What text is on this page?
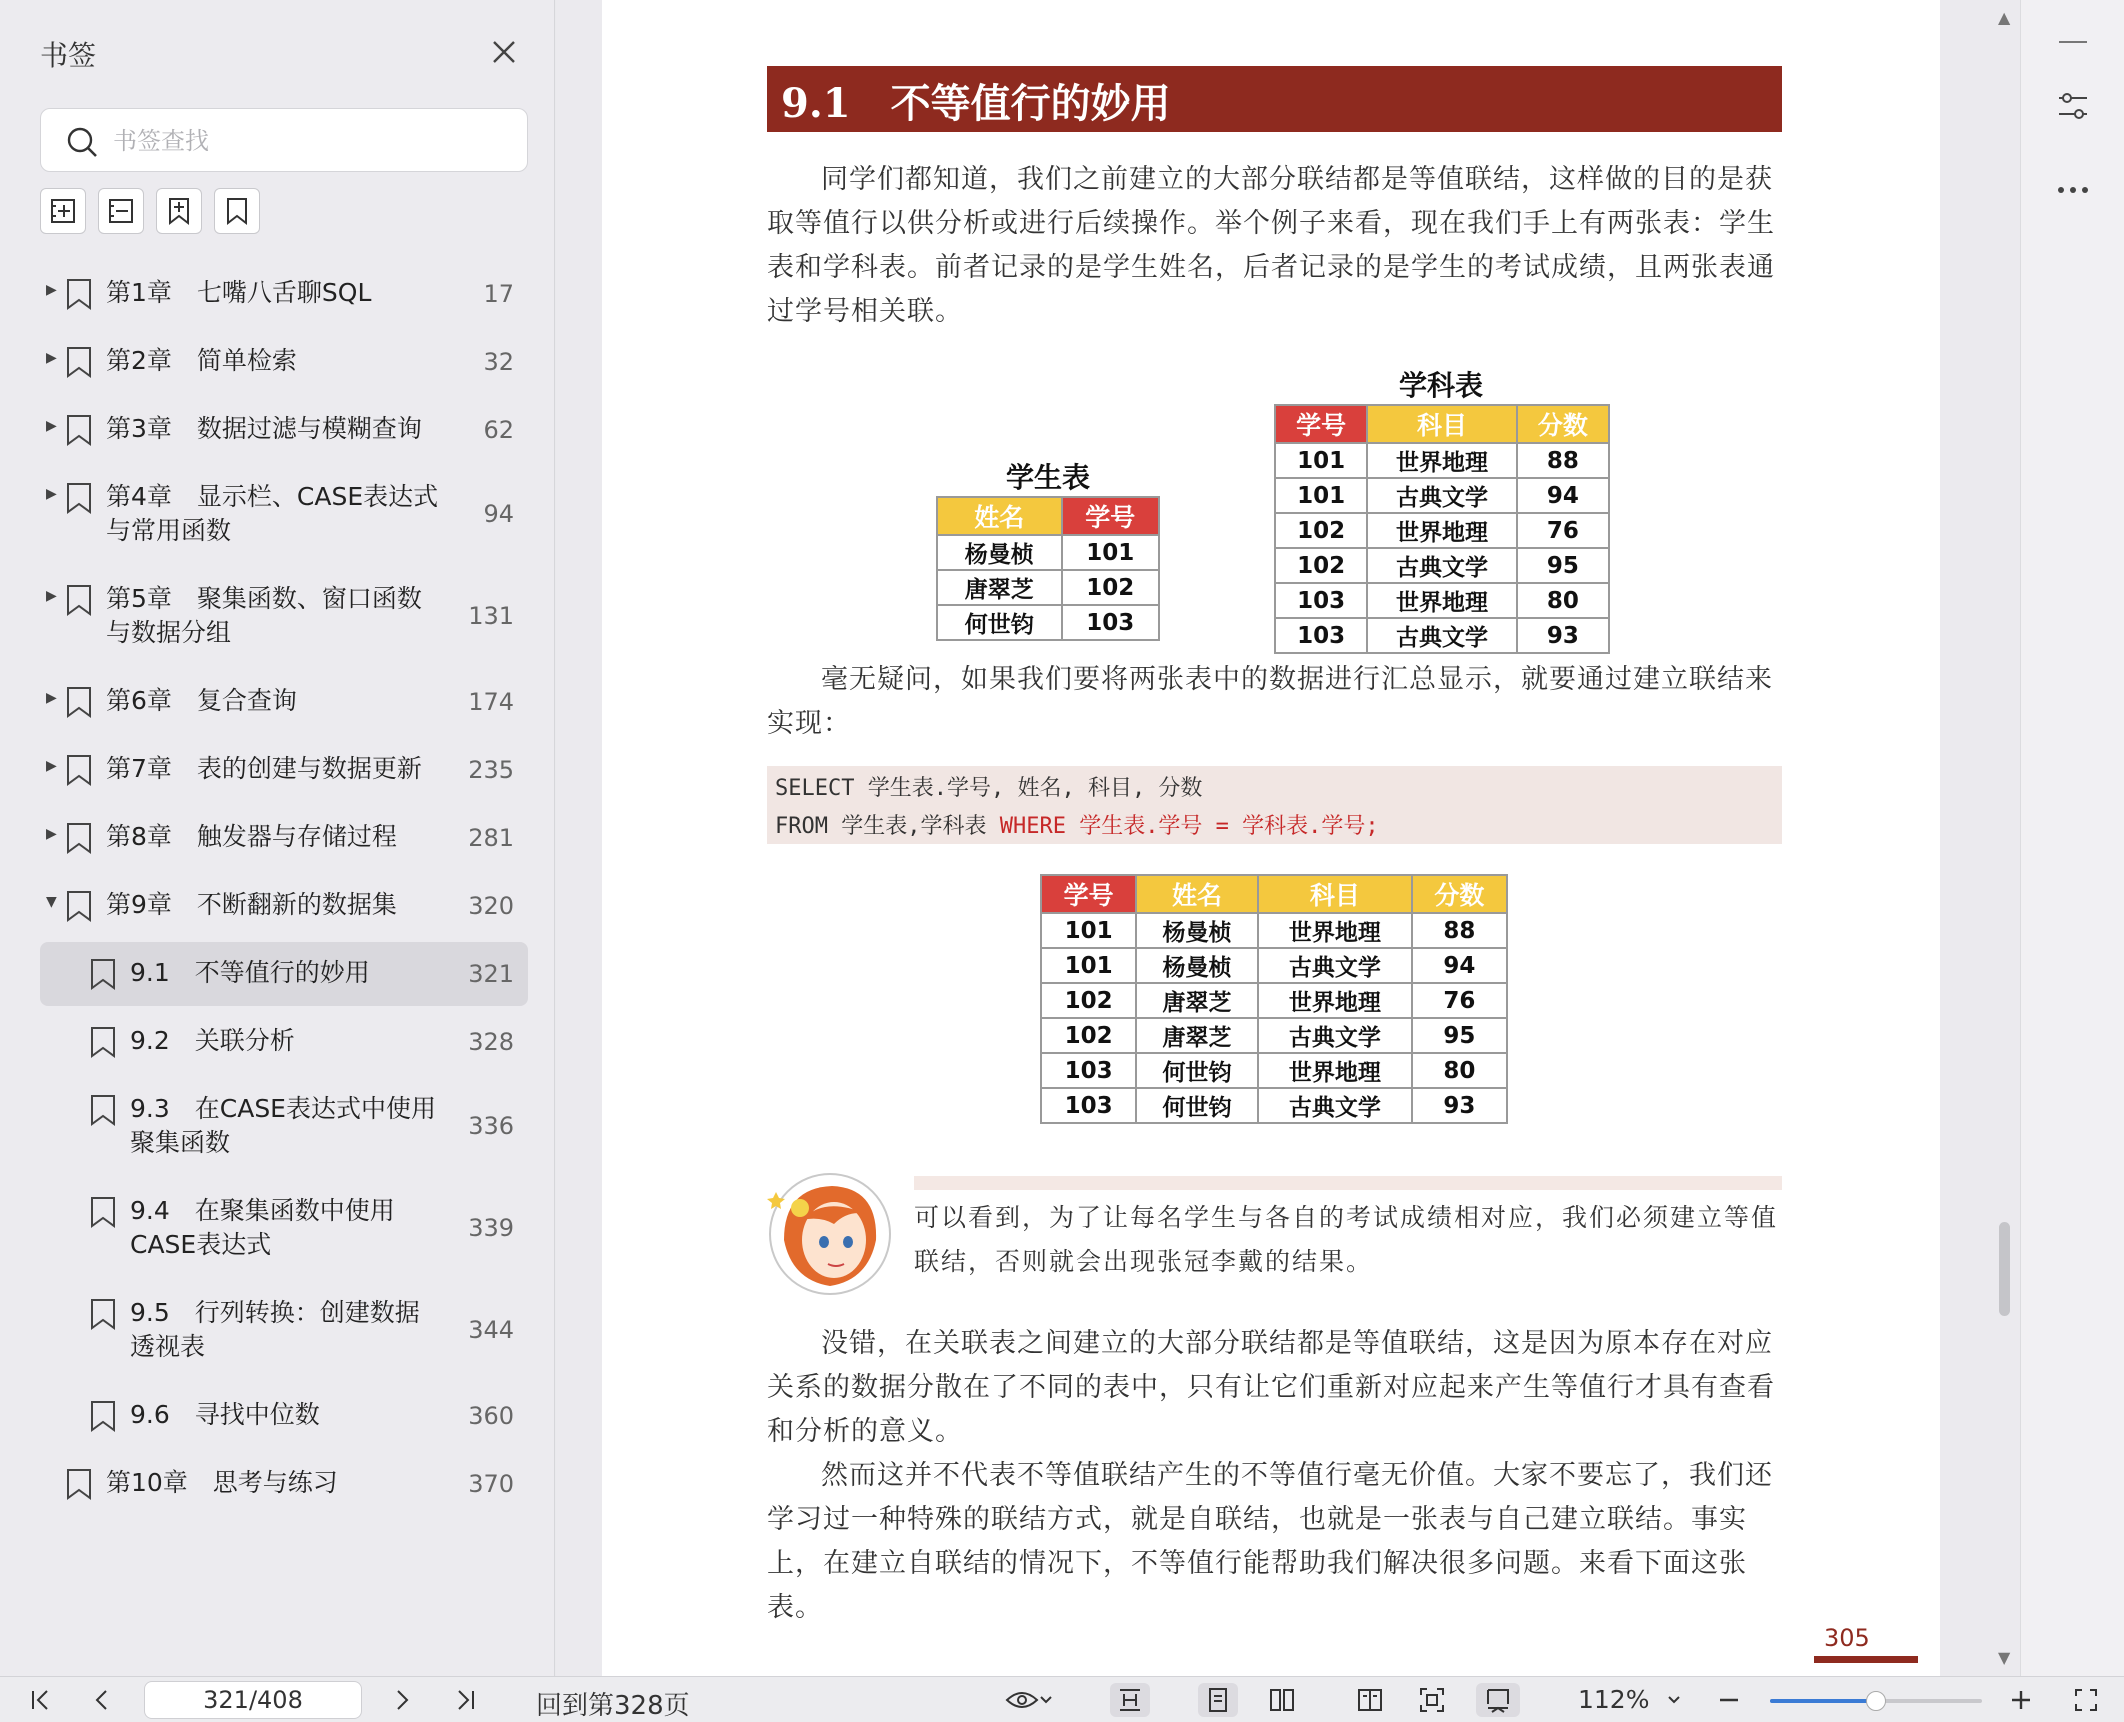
书签
书签查找
▶ 第1章　七嘴八舌聊SQL	17
▶ 第2章　简单检索	32
▶ 第3章　数据过滤与模糊查询	62
▶ 第4章　显示栏、CASE表达式与常用函数
94
▶ 第5章　聚集函数、窗口函数与数据分组
131
▶ 第6章　复合查询	174
▶ 第7章　表的创建与数据更新	235
▶ 第8章　触发器与存储过程	281
▼ 第9章　不断翻新的数据集	320
9.1　不等值行的妙用	321
9.2　关联分析	328
9.3　在CASE表达式中使用聚集函数
336
9.4　在聚集函数中使用CASE表达式
339
9.5　行列转换：创建数据透视表
344
9.6　寻找中位数	360
第10章　思考与练习	370
9.1　不等值行的妙用

同学们都知道，我们之前建立的大部分联结都是等值联结，这样做的目的是获取等值行以供分析或进行后续操作。举个例子来看，现在我们手上有两张表：学生表和学科表。前者记录的是学生姓名，后者记录的是学生的考试成绩，且两张表通过学号相关联。

学生表
姓名	学号
杨曼桢	101
唐翠芝	102
何世钧	103
学科表
学号	科目	分数
101	世界地理	88
101	古典文学	94
102	世界地理	76
102	古典文学	95
103	世界地理	80
103	古典文学	93

毫无疑问，如果我们要将两张表中的数据进行汇总显示，就要通过建立联结来实现：

SELECT 学生表.学号, 姓名, 科目, 分数
FROM 学生表,学科表 WHERE 学生表.学号 = 学科表.学号;
学号	姓名	科目	分数
101	杨曼桢	世界地理	88
101	杨曼桢	古典文学	94
102	唐翠芝	世界地理	76
102	唐翠芝	古典文学	95
103	何世钧	世界地理	80
103	何世钧	古典文学	93
可以看到，为了让每名学生与各自的考试成绩相对应，我们必须建立等值联结，否则就会出现张冠李戴的结果。

没错，在关联表之间建立的大部分联结都是等值联结，这是因为原本存在对应关系的数据分散在了不同的表中，只有让它们重新对应起来产生等值行才具有查看和分析的意义。

然而这并不代表不等值联结产生的不等值行毫无价值。大家不要忘了，我们还学习过一种特殊的联结方式，就是自联结，也就是一张表与自己建立联结。事实上，在建立自联结的情况下，不等值行能帮助我们解决很多问题。来看下面这张表。

305
▲
▼
321/408	回到第328页	112%
